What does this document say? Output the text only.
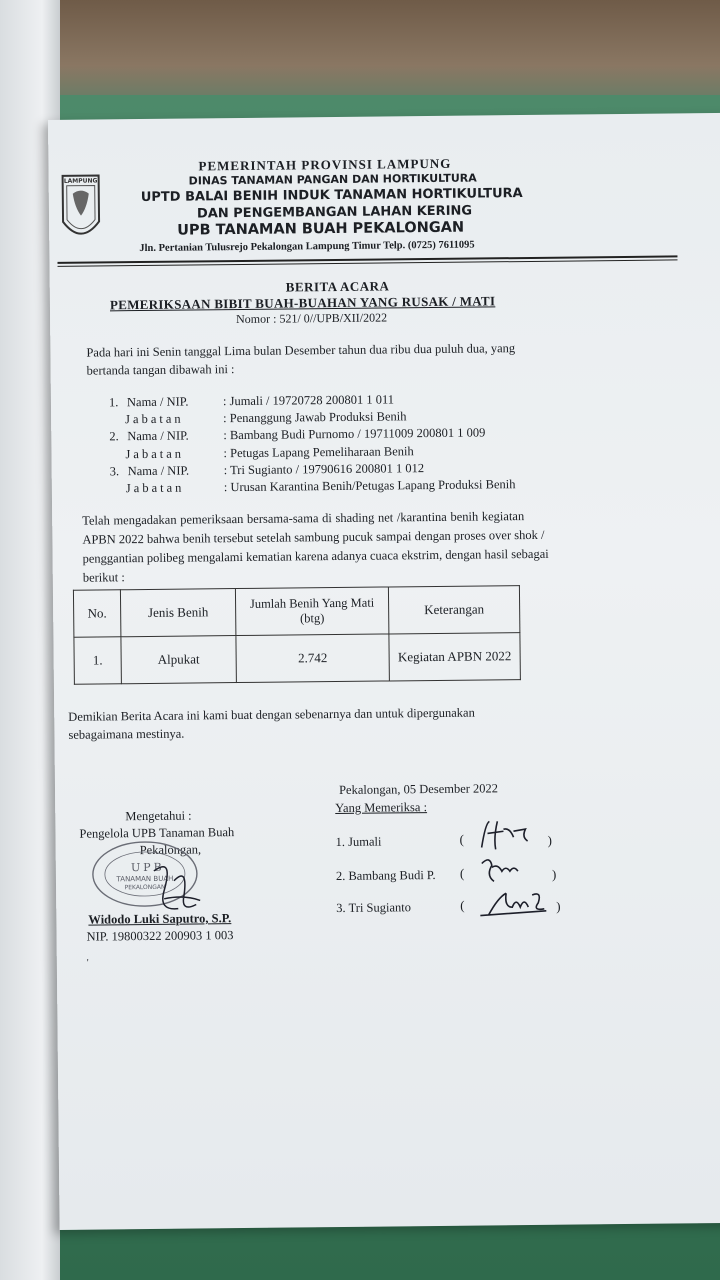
LAMPUNG
PEMERINTAH PROVINSI LAMPUNG
DINAS TANAMAN PANGAN DAN HORTIKULTURA
UPTD BALAI BENIH INDUK TANAMAN HORTIKULTURA
DAN PENGEMBANGAN LAHAN KERING
UPB TANAMAN BUAH PEKALONGAN
Jln. Pertanian Tulusrejo Pekalongan Lampung Timur Telp. (0725) 7611095
BERITA ACARA
PEMERIKSAAN BIBIT BUAH-BUAHAN YANG RUSAK / MATI
Nomor : 521/ 0//UPB/XII/2022
Pada hari ini Senin tanggal Lima bulan Desember tahun dua ribu dua puluh dua, yang
bertanda tangan dibawah ini :
1. Nama / NIP.	: Jumali / 19720728 200801 1 011
Jabatan	: Penanggung Jawab Produksi Benih
2. Nama / NIP.	: Bambang Budi Purnomo / 19711009 200801 1 009
Jabatan	: Petugas Lapang Pemeliharaan Benih
3. Nama / NIP.	: Tri Sugianto / 19790616 200801 1 012
Jabatan	: Urusan Karantina Benih/Petugas Lapang Produksi Benih
Telah mengadakan pemeriksaan bersama-sama di shading net /karantina benih kegiatan
APBN 2022 bahwa benih tersebut setelah sambung pucuk sampai dengan proses over shok /
penggantian polibeg mengalami kematian karena adanya cuaca ekstrim, dengan hasil sebagai
berikut :
No.	Jenis Benih	Jumlah Benih Yang Mati (btg)	Keterangan
1.	Alpukat	2.742	Kegiatan APBN 2022
Demikian Berita Acara ini kami buat dengan sebenarnya dan untuk dipergunakan
sebagaimana mestinya.
Pekalongan, 05 Desember 2022
Yang Memeriksa :
1. Jumali
2. Bambang Budi P.
3. Tri Sugianto
(	)
(	)
(	)
Mengetahui :
Pengelola UPB Tanaman Buah
Pekalongan,
UPB
TANAMAN BUAH
PEKALONGAN
Widodo Luki Saputro, S.P.
NIP. 19800322 200903 1 003
'
